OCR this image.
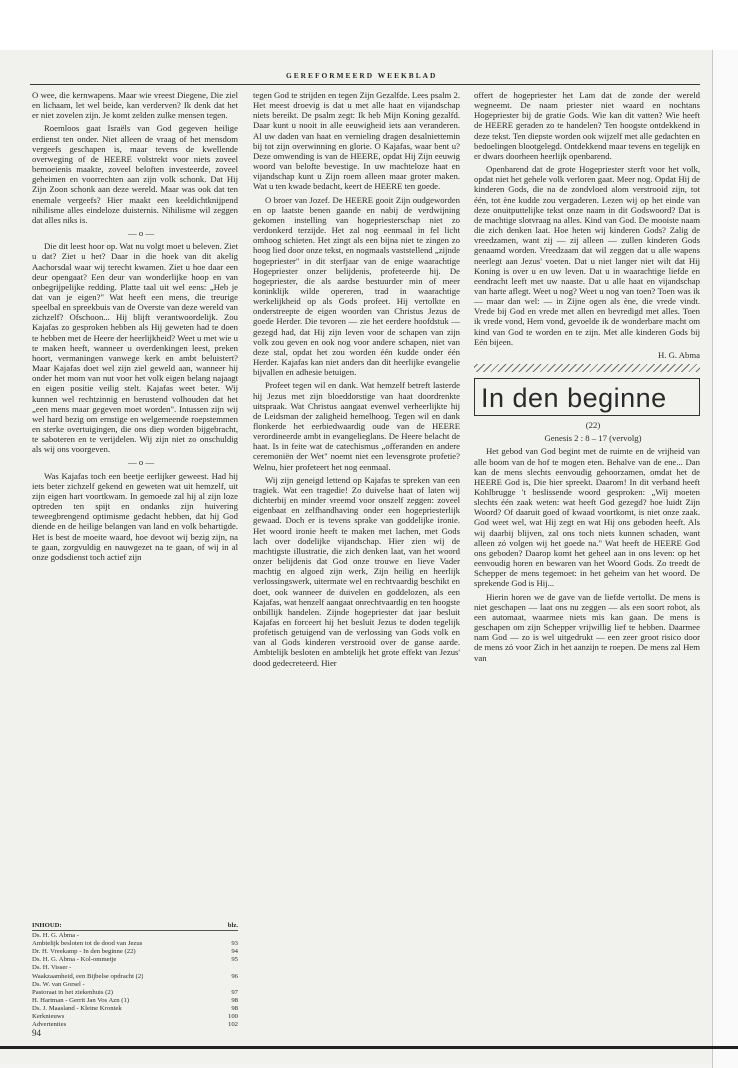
GEREFORMEERD WEEKBLAD

O wee, die kernwapens. Maar wie vreest Diegene, Die ziel en lichaam, let wel beide, kan verderven? Ik denk dat het er niet zovelen zijn. Je komt zelden zulke mensen tegen.

Roemloos gaat Israëls van God gegeven heilige erdienst ten onder. Niet alleen de vraag of het mensdom vergeefs geschapen is, maar tevens de kwellende overweging of de HEERE volstrekt voor niets zoveel bemoeienis maakte, zoveel beloften investeerde, zoveel geheimen en voorrechten aan zijn volk schonk. Dat Hij Zijn Zoon schonk aan deze wereld. Maar was ook dat ten enemale vergeefs? Hier maakt een keeldichtknijpend nihilisme alles eindeloze duisternis. Nihilisme wil zeggen dat alles niks is.

— o —

Die dit leest hoor op. Wat nu volgt moet u beleven. Ziet u dat? Ziet u het? Daar in die hoek van dit akelig Aachorsdal waar wij terecht kwamen. Ziet u hoe daar een deur opengaat? Een deur van wonderlijke hoop en van onbegrijpelijke redding. Platte taal uit wel eens: „Heb je dat van je eigen?" Wat heeft een mens, die treurige speelbal en spreekbuis van de Overste van deze wereld van zichzelf? Ofschoon... Hij blijft verantwoordelijk. Zou Kajafas zo gesproken hebben als Hij geweten had te doen te hebben met de Heere der heerlijkheid? Weet u met wie u te maken heeft, wanneer u overdenkingen leest, preken hoort, vermaningen vanwege kerk en ambt beluistert? Maar Kajafas doet wel zijn ziel geweld aan, wanneer hij onder het mom van nut voor het volk eigen belang najaagt en eigen positie veilig stelt. Kajafas weet beter. Wij kunnen wel rechtzinnig en berustend volhouden dat het „een mens maar gegeven moet worden". Intussen zijn wij wel hard bezig om ernstige en welgemeende roepstemmen en sterke overtuigingen, die ons diep worden bijgebracht, te saboteren en te verijdelen. Wij zijn niet zo onschuldig als wij ons voorgeven.

— o —

Was Kajafas toch een beetje eerlijker geweest. Had hij iets beter zichzelf gekend en geweten wat uit hemzelf, uit zijn eigen hart voortkwam. In gemoede zal hij al zijn loze optreden ten spijt en ondanks zijn huivering teweegbrengend optimisme gedacht hebben, dat hij God diende en de heilige belangen van land en volk behartigde. Het is best de moeite waard, hoe devoot wij bezig zijn, na te gaan, zorgvuldig en nauwgezet na te gaan, of wij in al onze godsdienst toch actief zijn

INHOUD:	blz.
Ds. H. G. Abma -
Ambtelijk besloten tot de dood van Jezus	93
Dr. H. Vreekamp - In den beginne (22)	94
Ds. H. G. Abma - Kol-ommetje	95
Ds. H. Visser -
Waakzaamheid, een Bijbelse opdracht (2)	96
Ds. W. van Gorsel -
Pastoraat in het ziekenhuis (2)	97
H. Hartman - Gerrit Jan Vos Azn (1)	98
Ds. J. Maasland - Kleine Kroniek	98
Kerknieuws	100
Advertenties	102

tegen God te strijden en tegen Zijn Gezalfde. Lees psalm 2. Het meest droevig is dat u met alle haat en vijandschap niets bereikt. De psalm zegt: Ik heb Mijn Koning gezalfd. Daar kunt u nooit in alle eeuwigheid iets aan veranderen. Al uw daden van haat en vernieling dragen desalniettemin bij tot zijn overwinning en glorie. O Kajafas, waar bent u? Deze omwending is van de HEERE, opdat Hij Zijn eeuwig woord van belofte bevestige. In uw machteloze haat en vijandschap kunt u Zijn roem alleen maar groter maken. Wat u ten kwade bedacht, keert de HEERE ten goede.

O broer van Jozef. De HEERE gooit Zijn oudgeworden en op laatste benen gaande en nabij de verdwijning gekomen instelling van hogepriesterschap niet zo verdonkerd terzijde. Het zal nog eenmaal in fel licht omhoog schieten. Het zingt als een bijna niet te zingen zo hoog lied door onze tekst, en nogmaals vaststellend „zijnde hogepriester" in dit sterfjaar van de enige waarachtige Hogepriester onzer belijdenis, profeteerde hij. De hogepriester, die als aardse bestuurder min of meer koninklijk wilde opereren, trad in waarachtige werkelijkheid op als Gods profeet. Hij vertolkte en onderstreepte de eigen woorden van Christus Jezus de goede Herder. Die tevoren — zie het eerdere hoofdstuk — gezegd had, dat Hij zijn leven voor de schapen van zijn volk zou geven en ook nog voor andere schapen, niet van deze stal, opdat het zou worden één kudde onder één Herder. Kajafas kan niet anders dan dit heerlijke evangelie bijvallen en adhesie betuigen.

Profeet tegen wil en dank. Wat hemzelf betreft lasterde hij Jezus met zijn bloeddorstige van haat doordrenkte uitspraak. Wat Christus aangaat evenwel verheerlijkte hij de Leidsman der zaligheid hemelhoog. Tegen wil en dank flonkerde het eerbiedwaardig oude van de HEERE verordineerde ambt in evangelieglans. De Heere belacht de haat. Is in feite wat de catechismus „offeranden en andere ceremoniën der Wet" noemt niet een levensgrote profetie? Welnu, hier profeteert het nog eenmaal.

Wij zijn geneigd lettend op Kajafas te spreken van een tragiek. Wat een tragedie! Zo duivelse haat of laten wij dichterbij en minder vreemd voor onszelf zeggen: zoveel eigenbaat en zelfhandhaving onder een hogepriesterlijk gewaad. Doch er is tevens sprake van goddelijke ironie. Het woord ironie heeft te maken met lachen, met Gods lach over dodelijke vijandschap. Hier zien wij de machtigste illustratie, die zich denken laat, van het woord onzer belijdenis dat God onze trouwe en lieve Vader machtig en algoed zijn werk, Zijn heilig en heerlijk verlossingswerk, uitermate wel en rechtvaardig beschikt en doet, ook wanneer de duivelen en goddelozen, als een Kajafas, wat henzelf aangaat onrechtvaardig en ten hoogste onbillijk handelen. Zijnde hogepriester dat jaar besluit Kajafas en forceert hij het besluit Jezus te doden tegelijk profetisch getuigend van de verlossing van Gods volk en van al Gods kinderen verstrooid over de ganse aarde. Ambtelijk besloten en ambtelijk het grote effekt van Jezus' dood gedecreteerd. Hier

offert de hogepriester het Lam dat de zonde der wereld wegneemt. De naam priester niet waard en nochtans Hogepriester bij de gratie Gods. Wie kan dit vatten? Wie heeft de HEERE geraden zo te handelen? Ten hoogste ontdekkend in deze tekst. Ten diepste worden ook wijzelf met alle gedachten en bedoelingen blootgelegd. Ontdekkend maar tevens en tegelijk en er dwars doorheen heerlijk openbarend.

Openbarend dat de grote Hogepriester sterft voor het volk, opdat niet het gehele volk verloren gaat. Meer nog. Opdat Hij de kinderen Gods, die na de zondvloed alom verstrooid zijn, tot één, tot ène kudde zou vergaderen. Lezen wij op het einde van deze onuitputtelijke tekst onze naam in dit Godswoord? Dat is de machtige slotvraag na alles. Kind van God. De mooiste naam die zich denken laat. Hoe heten wij kinderen Gods? Zalig de vreedzamen, want zij — zij alleen — zullen kinderen Gods genaamd worden. Vreedzaam dat wil zeggen dat u alle wapens neerlegt aan Jezus' voeten. Dat u niet langer niet wilt dat Hij Koning is over u en uw leven. Dat u in waarachtige liefde en eendracht leeft met uw naaste. Dat u alle haat en vijandschap van harte aflegt. Weet u nog? Weet u nog van toen? Toen was ik — maar dan wel: — in Zijne ogen als ène, die vrede vindt. Vrede bij God en vrede met allen en bevredigd met alles. Toen ik vrede vond, Hem vond, gevoelde ik de wonderbare macht om kind van God te worden en te zijn. Met alle kinderen Gods bij Eén bijeen.

H. G. Abma

In den beginne

(22)

Genesis 2 : 8 – 17 (vervolg)

Het gebod van God begint met de ruimte en de vrijheid van alle boom van de hof te mogen eten. Behalve van de ene... Dan kan de mens slechts eenvoudig gehoorzamen, omdat het de HEERE God is, Die hier spreekt. Daarom! In dit verband heeft Kohlbrugge 't beslissende woord gesproken: „Wij moeten slechts één zaak weten: wat heeft God gezegd? hoe luidt Zijn Woord? Of daaruit goed of kwaad voortkomt, is niet onze zaak. God weet wel, wat Hij zegt en wat Hij ons geboden heeft. Als wij daarbij blijven, zal ons toch niets kunnen schaden, want alleen zó volgen wij het goede na." Wat heeft de HEERE God ons geboden? Daarop komt het geheel aan in ons leven: op het eenvoudig horen en bewaren van het Woord Gods. Zo treedt de Schepper de mens tegemoet: in het geheim van het woord. De sprekende God is Hij...

Hierin horen we de gave van de liefde vertolkt. De mens is niet geschapen — laat ons nu zeggen — als een soort robot, als een automaat, waarmee niets mis kan gaan. De mens is geschapen om zijn Schepper vrijwillig lief te hebben. Daarmee nam God — zo is wel uitgedrukt — een zeer groot risico door de mens zó voor Zich in het aanzijn te roepen. De mens zal Hem van

94
